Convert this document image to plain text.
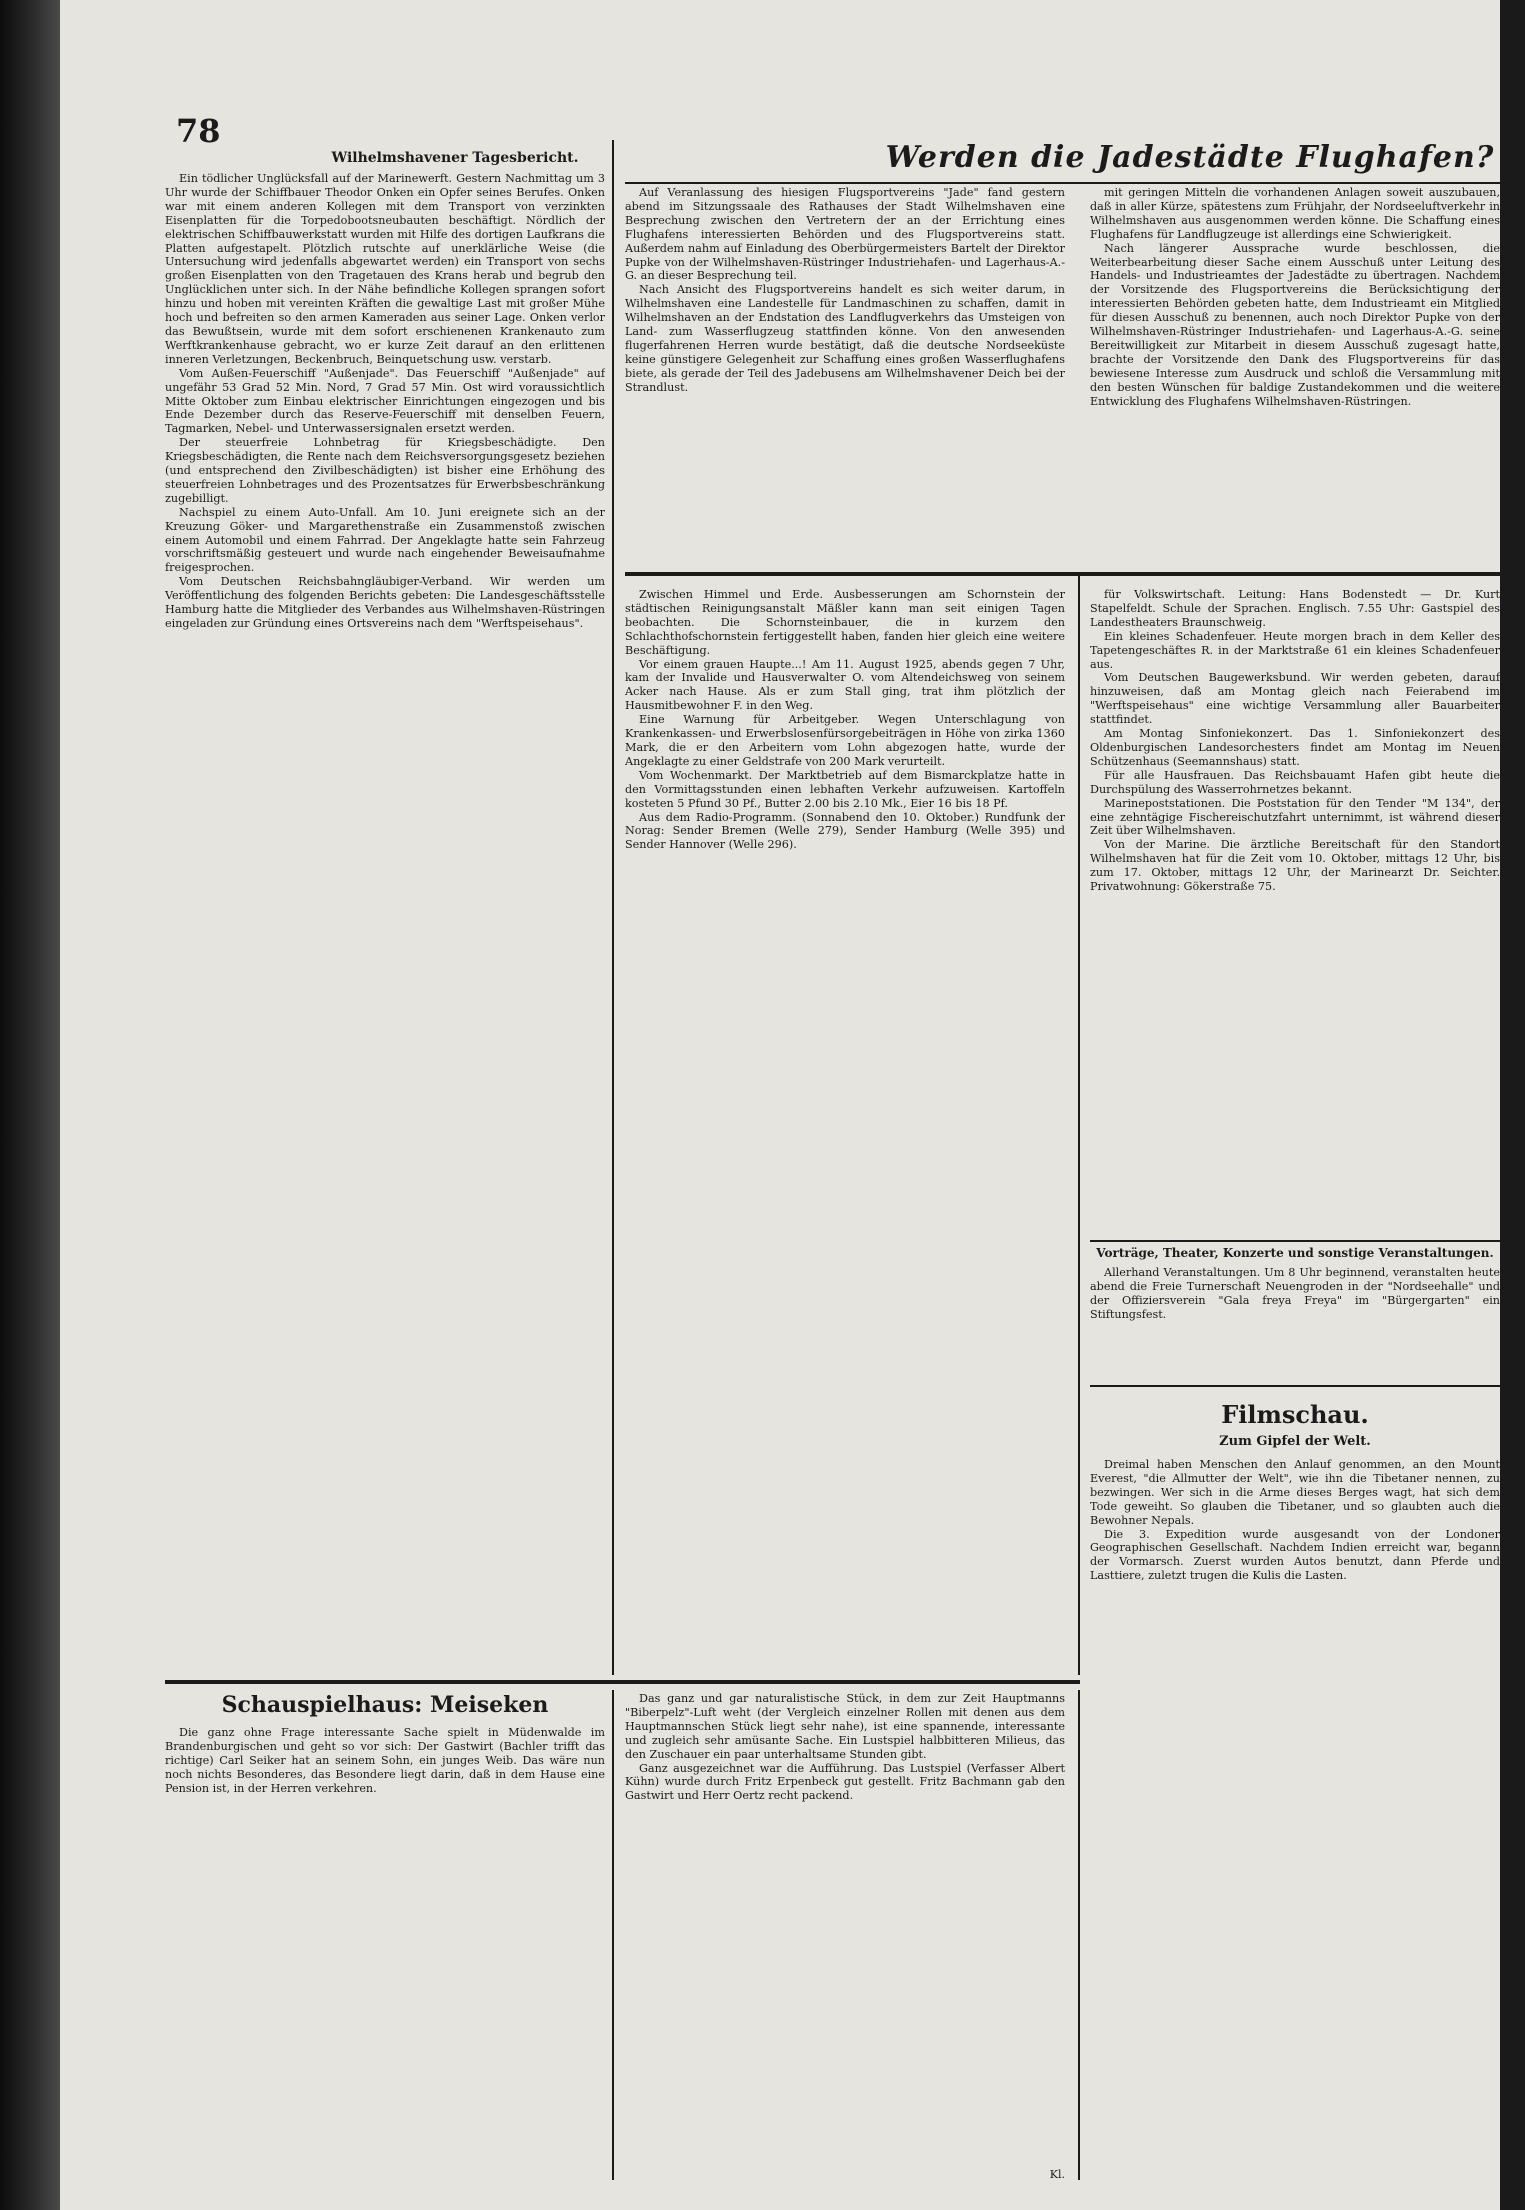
78
Wilhelmshavener Tagesbericht.

Ein tödlicher Unglücksfall auf der Marinewerft. Gestern Nachmittag um 3 Uhr wurde der Schiffbauer Theodor Onken ein Opfer seines Berufes. Onken war mit einem anderen Kollegen mit dem Transport von verzinkten Eisenplatten für die Torpedobootsneubauten beschäftigt. Nördlich der elektrischen Schiffbauwerkstatt wurden mit Hilfe des dortigen Laufkrans die Platten aufgestapelt. Plötzlich rutschte auf unerklärliche Weise (die Untersuchung wird jedenfalls abgewartet werden) ein Transport von sechs großen Eisenplatten von den Tragetauen des Krans herab und begrub den Unglücklichen unter sich. In der Nähe befindliche Kollegen sprangen sofort hinzu und hoben mit vereinten Kräften die gewaltige Last mit großer Mühe hoch und befreiten so den armen Kameraden aus seiner Lage. Onken verlor das Bewußtsein, wurde mit dem sofort erschienenen Krankenauto zum Werftkrankenhause gebracht, wo er kurze Zeit darauf an den erlittenen inneren Verletzungen, Beckenbruch, Beinquetschung usw. verstarb.

Vom Außen-Feuerschiff "Außenjade". Das Feuerschiff "Außenjade" auf ungefähr 53 Grad 52 Min. Nord, 7 Grad 57 Min. Ost wird voraussichtlich Mitte Oktober zum Einbau elektrischer Einrichtungen eingezogen und bis Ende Dezember durch das Reserve-Feuerschiff mit denselben Feuern, Tagmarken, Nebel- und Unterwassersignalen ersetzt werden.

Der steuerfreie Lohnbetrag für Kriegsbeschädigte. Den Kriegsbeschädigten, die Rente nach dem Reichsversorgungsgesetz beziehen (und entsprechend den Zivilbeschädigten) ist bisher eine Erhöhung des steuerfreien Lohnbetrages und des Prozentsatzes für Erwerbsbeschränkung zugebilligt.

Nachspiel zu einem Auto-Unfall. Am 10. Juni ereignete sich an der Kreuzung Göker- und Margarethenstraße ein Zusammenstoß zwischen einem Automobil und einem Fahrrad. Der Angeklagte hatte sein Fahrzeug vorschriftsmäßig gesteuert und wurde nach eingehender Beweisaufnahme freigesprochen.

Vom Deutschen Reichsbahngläubiger-Verband. Wir werden um Veröffentlichung des folgenden Berichts gebeten: Die Landesgeschäftsstelle Hamburg hatte die Mitglieder des Verbandes aus Wilhelmshaven-Rüstringen eingeladen zur Gründung eines Ortsvereins nach dem "Werftspeisehaus".

Werden die Jadestädte Flughafen?

Auf Veranlassung des hiesigen Flugsportvereins "Jade" fand gestern abend im Sitzungssaale des Rathauses der Stadt Wilhelmshaven eine Besprechung zwischen den Vertretern der an der Errichtung eines Flughafens interessierten Behörden und des Flugsportvereins statt. Außerdem nahm auf Einladung des Oberbürgermeisters Bartelt der Direktor Pupke von der Wilhelmshaven-Rüstringer Industriehafen- und Lagerhaus-A.-G. an dieser Besprechung teil.

Nach Ansicht des Flugsportvereins handelt es sich weiter darum, in Wilhelmshaven eine Landestelle für Landmaschinen zu schaffen, damit in Wilhelmshaven an der Endstation des Landflugverkehrs das Umsteigen von Land- zum Wasserflugzeug stattfinden könne. Von den anwesenden flugerfahrenen Herren wurde bestätigt, daß die deutsche Nordseeküste keine günstigere Gelegenheit zur Schaffung eines großen Wasserflughafens biete, als gerade der Teil des Jadebusens am Wilhelmshavener Deich bei der Strandlust.

mit geringen Mitteln die vorhandenen Anlagen soweit auszubauen, daß in aller Kürze, spätestens zum Frühjahr, der Nordseeluftverkehr in Wilhelmshaven aus ausgenommen werden könne. Die Schaffung eines Flughafens für Landflugzeuge ist allerdings eine Schwierigkeit.

Nach längerer Aussprache wurde beschlossen, die Weiterbearbeitung dieser Sache einem Ausschuß unter Leitung des Handels- und Industrieamtes der Jadestädte zu übertragen. Nachdem der Vorsitzende des Flugsportvereins die Berücksichtigung der interessierten Behörden gebeten hatte, dem Industrieamt ein Mitglied für diesen Ausschuß zu benennen, auch noch Direktor Pupke von der Wilhelmshaven-Rüstringer Industriehafen- und Lagerhaus-A.-G. seine Bereitwilligkeit zur Mitarbeit in diesem Ausschuß zugesagt hatte, brachte der Vorsitzende den Dank des Flugsportvereins für das bewiesene Interesse zum Ausdruck und schloß die Versammlung mit den besten Wünschen für baldige Zustandekommen und die weitere Entwicklung des Flughafens Wilhelmshaven-Rüstringen.

Zwischen Himmel und Erde. Ausbesserungen am Schornstein der städtischen Reinigungsanstalt Mäßler kann man seit einigen Tagen beobachten. Die Schornsteinbauer, die in kurzem den Schlachthofschornstein fertiggestellt haben, fanden hier gleich eine weitere Beschäftigung.

Vor einem grauen Haupte...! Am 11. August 1925, abends gegen 7 Uhr, kam der Invalide und Hausverwalter O. vom Altendeichsweg von seinem Acker nach Hause. Als er zum Stall ging, trat ihm plötzlich der Hausmitbewohner F. in den Weg.

Eine Warnung für Arbeitgeber. Wegen Unterschlagung von Krankenkassen- und Erwerbslosenfürsorgebeiträgen in Höhe von zirka 1360 Mark, die er den Arbeitern vom Lohn abgezogen hatte, wurde der Angeklagte zu einer Geldstrafe von 200 Mark verurteilt.

Vom Wochenmarkt. Der Marktbetrieb auf dem Bismarckplatze hatte in den Vormittagsstunden einen lebhaften Verkehr aufzuweisen. Kartoffeln kosteten 5 Pfund 30 Pf., Butter 2.00 bis 2.10 Mk., Eier 16 bis 18 Pf.

Aus dem Radio-Programm. (Sonnabend den 10. Oktober.) Rundfunk der Norag: Sender Bremen (Welle 279), Sender Hamburg (Welle 395) und Sender Hannover (Welle 296).

für Volkswirtschaft. Leitung: Hans Bodenstedt — Dr. Kurt Stapelfeldt. Schule der Sprachen. Englisch. 7.55 Uhr: Gastspiel des Landestheaters Braunschweig.

Ein kleines Schadenfeuer. Heute morgen brach in dem Keller des Tapetengeschäftes R. in der Marktstraße 61 ein kleines Schadenfeuer aus.

Vom Deutschen Baugewerksbund. Wir werden gebeten, darauf hinzuweisen, daß am Montag gleich nach Feierabend im "Werftspeisehaus" eine wichtige Versammlung aller Bauarbeiter stattfindet.

Am Montag Sinfoniekonzert. Das 1. Sinfoniekonzert des Oldenburgischen Landesorchesters findet am Montag im Neuen Schützenhaus (Seemannshaus) statt.

Für alle Hausfrauen. Das Reichsbauamt Hafen gibt heute die Durchspülung des Wasserrohrnetzes bekannt.

Marinepoststationen. Die Poststation für den Tender "M 134", der eine zehntägige Fischereischutzfahrt unternimmt, ist während dieser Zeit über Wilhelmshaven.

Von der Marine. Die ärztliche Bereitschaft für den Standort Wilhelmshaven hat für die Zeit vom 10. Oktober, mittags 12 Uhr, bis zum 17. Oktober, mittags 12 Uhr, der Marinearzt Dr. Seichter. Privatwohnung: Gökerstraße 75.

Vorträge, Theater, Konzerte und sonstige Veranstaltungen.

Allerhand Veranstaltungen. Um 8 Uhr beginnend, veranstalten heute abend die Freie Turnerschaft Neuengroden in der "Nordseehalle" und der Offiziersverein "Gala freya Freya" im "Bürgergarten" ein Stiftungsfest.

Filmschau.
Zum Gipfel der Welt.

Dreimal haben Menschen den Anlauf genommen, an den Mount Everest, "die Allmutter der Welt", wie ihn die Tibetaner nennen, zu bezwingen. Wer sich in die Arme dieses Berges wagt, hat sich dem Tode geweiht. So glauben die Tibetaner, und so glaubten auch die Bewohner Nepals.

Die 3. Expedition wurde ausgesandt von der Londoner Geographischen Gesellschaft. Nachdem Indien erreicht war, begann der Vormarsch. Zuerst wurden Autos benutzt, dann Pferde und Lasttiere, zuletzt trugen die Kulis die Lasten.

Schauspielhaus: Meiseken

Die ganz ohne Frage interessante Sache spielt in Müdenwalde im Brandenburgischen und geht so vor sich: Der Gastwirt (Bachler trifft das richtige) Carl Seiker hat an seinem Sohn, ein junges Weib. Das wäre nun noch nichts Besonderes, das Besondere liegt darin, daß in dem Hause eine Pension ist, in der Herren verkehren.

Das ganz und gar naturalistische Stück, in dem zur Zeit Hauptmanns "Biberpelz"-Luft weht (der Vergleich einzelner Rollen mit denen aus dem Hauptmannschen Stück liegt sehr nahe), ist eine spannende, interessante und zugleich sehr amüsante Sache. Ein Lustspiel halbbitteren Milieus, das den Zuschauer ein paar unterhaltsame Stunden gibt.

Ganz ausgezeichnet war die Aufführung. Das Lustspiel (Verfasser Albert Kühn) wurde durch Fritz Erpenbeck gut gestellt. Fritz Bachmann gab den Gastwirt und Herr Oertz recht packend.

Kl.
